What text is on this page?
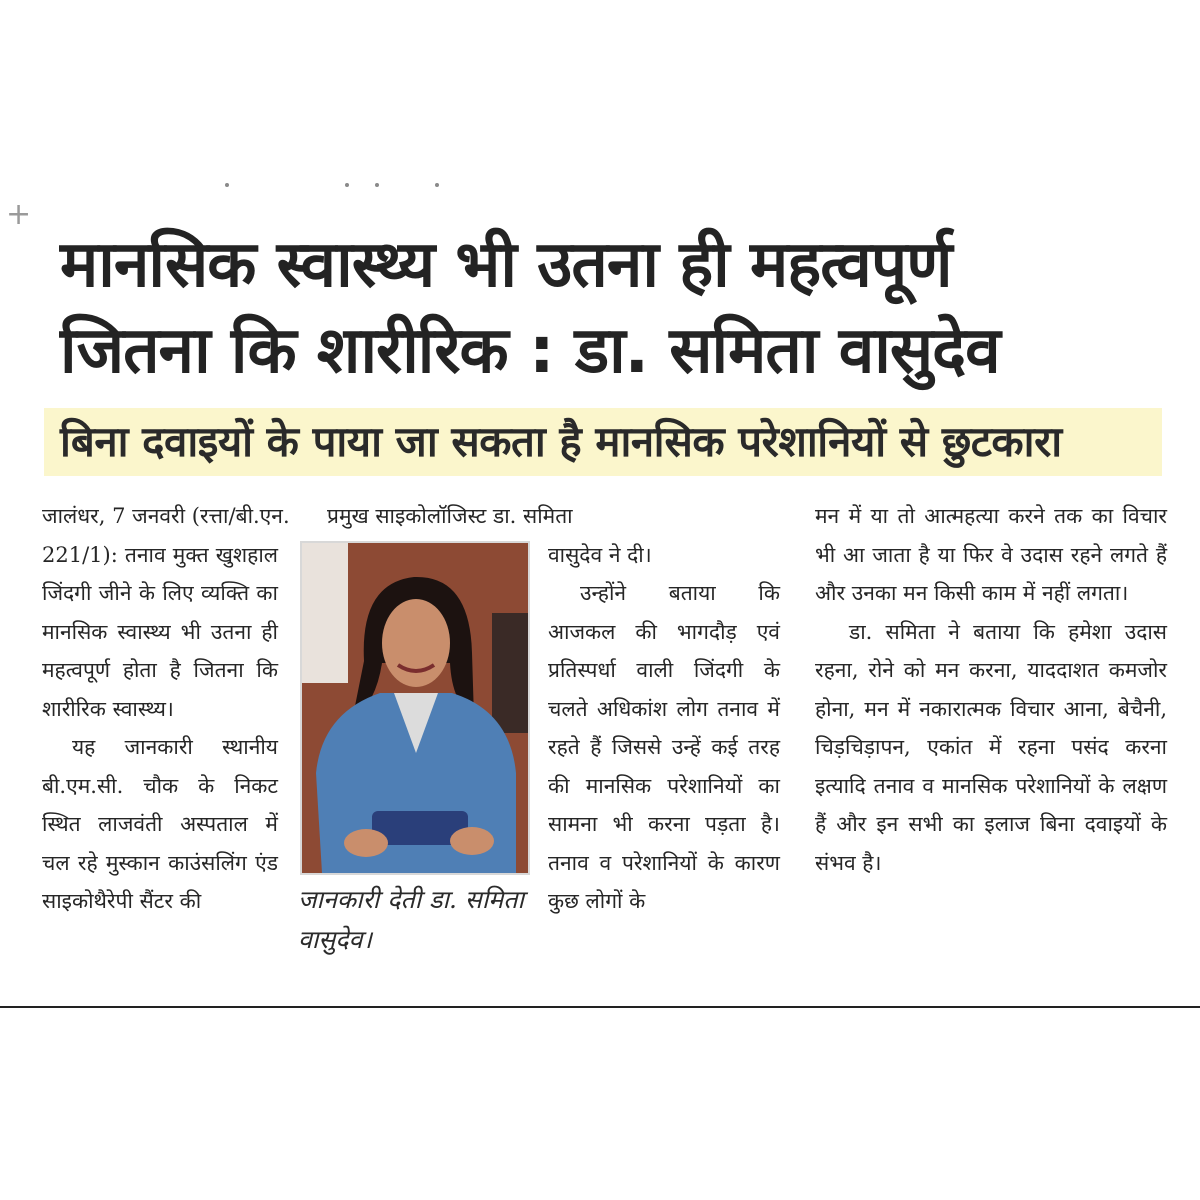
+
मानसिक स्वास्थ्य भी उतना ही महत्वपूर्ण
जितना कि शारीरिक : डा. समिता वासुदेव
बिना दवाइयों के पाया जा सकता है मानसिक परेशानियों से छुटकारा
जालंधर, 7 जनवरी (रत्ता/बी.एन. प्रमुख साइकोलॉजिस्ट डा. समिता

221/1): तनाव मुक्त खुशहाल जिंदगी जीने के लिए व्यक्ति का मानसिक स्वास्थ्य भी उतना ही महत्वपूर्ण होता है जितना कि शारीरिक स्वास्थ्य।

यह जानकारी स्थानीय बी.एम.सी. चौक के निकट स्थित लाजवंती अस्पताल में चल रहे मुस्कान काउंसलिंग एंड साइकोथैरेपी सैंटर की	जानकारी देती डा. समिता वासुदेव।

वासुदेव ने दी।

उन्होंने बताया कि आजकल की भागदौड़ एवं प्रतिस्पर्धा वाली जिंदगी के चलते अधिकांश लोग तनाव में रहते हैं जिससे उन्हें कई तरह की मानसिक परेशानियों का सामना भी करना पड़ता है। तनाव व परेशानियों के कारण कुछ लोगों के

मन में या तो आत्महत्या करने तक का विचार भी आ जाता है या फिर वे उदास रहने लगते हैं और उनका मन किसी काम में नहीं लगता।

डा. समिता ने बताया कि हमेशा उदास रहना, रोने को मन करना, याददाशत कमजोर होना, मन में नकारात्मक विचार आना, बेचैनी, चिड़चिड़ापन, एकांत में रहना पसंद करना इत्यादि तनाव व मानसिक परेशानियों के लक्षण हैं और इन सभी का इलाज बिना दवाइयों के संभव है।
